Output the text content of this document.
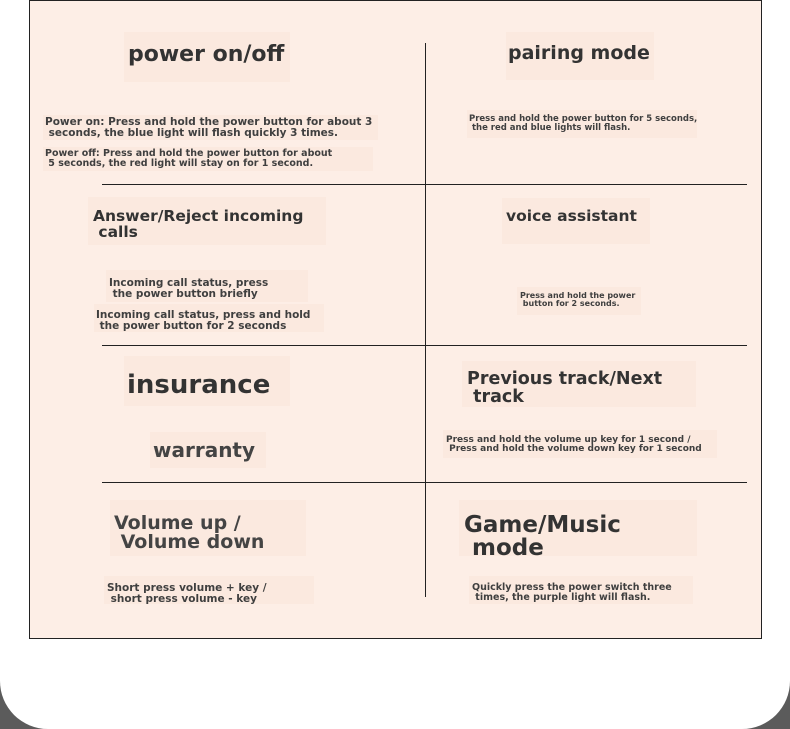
power on/off
Power on: Press and hold the power button for about 3
seconds, the blue light will flash quickly 3 times.
Power off: Press and hold the power button for about
5 seconds, the red light will stay on for 1 second.
pairing mode
Press and hold the power button for 5 seconds,
the red and blue lights will flash.
Answer/Reject incoming
calls
Incoming call status, press
the power button briefly
Incoming call status, press and hold
the power button for 2 seconds
voice assistant
Press and hold the power
button for 2 seconds.
insurance
warranty
Previous track/Next
track
Press and hold the volume up key for 1 second /
Press and hold the volume down key for 1 second
Volume up /
Volume down
Short press volume + key /
short press volume - key
Game/Music
mode
Quickly press the power switch three
times, the purple light will flash.
